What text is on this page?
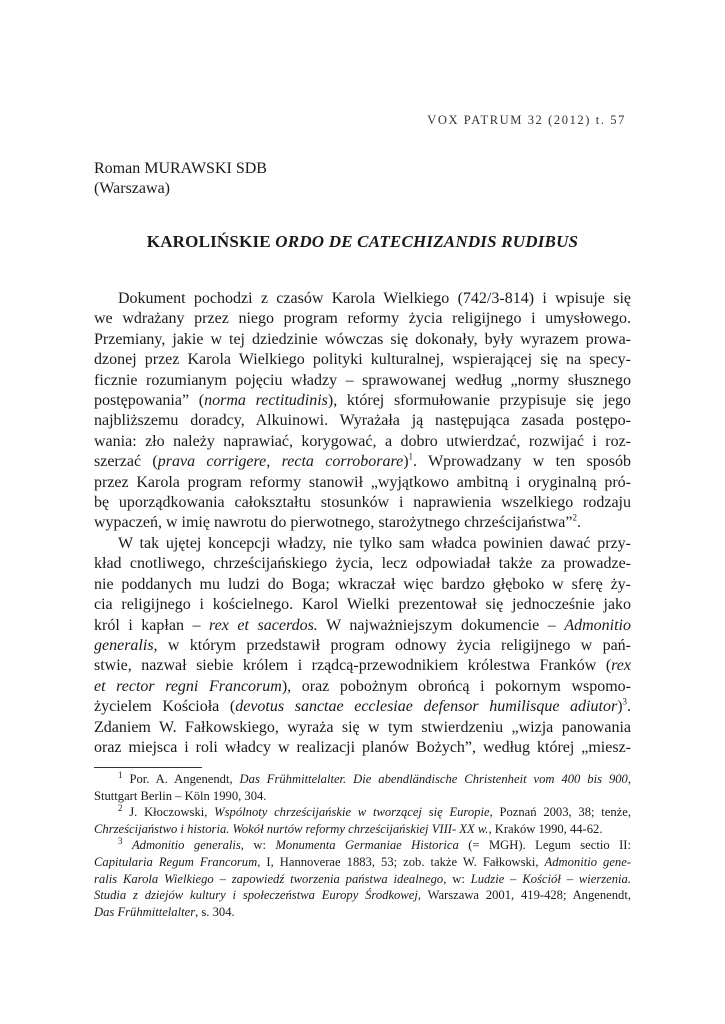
VOX PATRUM 32 (2012) t. 57
Roman MURAWSKI SDB
(Warszawa)
KAROLIŃSKIE ORDO DE CATECHIZANDIS RUDIBUS
Dokument pochodzi z czasów Karola Wielkiego (742/3-814) i wpisuje się
we wdrażany przez niego program reformy życia religijnego i umysłowego.
Przemiany, jakie w tej dziedzinie wówczas się dokonały, były wyrazem prowa-
dzonej przez Karola Wielkiego polityki kulturalnej, wspierającej się na specy-
ficznie rozumianym pojęciu władzy – sprawowanej według „normy słusznego
postępowania” (norma rectitudinis), której sformułowanie przypisuje się jego
najbliższemu doradcy, Alkuinowi. Wyrażała ją następująca zasada postępo-
wania: zło należy naprawiać, korygować, a dobro utwierdzać, rozwijać i roz-
szerzać (prava corrigere, recta corroborare)$^1$. Wprowadzany w ten sposób
przez Karola program reformy stanowił „wyjątkowo ambitną i oryginalną pró-
bę uporządkowania całokształtu stosunków i naprawienia wszelkiego rodzaju
wypaczeń, w imię nawrotu do pierwotnego, starożytnego chrześcijaństwa”$^2$.
W tak ujętej koncepcji władzy, nie tylko sam władca powinien dawać przy-
kład cnotliwego, chrześcijańskiego życia, lecz odpowiadał także za prowadze-
nie poddanych mu ludzi do Boga; wkraczał więc bardzo głęboko w sferę ży-
cia religijnego i kościelnego. Karol Wielki prezentował się jednocześnie jako
król i kapłan – rex et sacerdos. W najważniejszym dokumencie – Admonitio
generalis, w którym przedstawił program odnowy życia religijnego w pań-
stwie, nazwał siebie królem i rządcą-przewodnikiem królestwa Franków (rex
et rector regni Francorum), oraz pobożnym obrońcą i pokornym wspomo-
życielem Kościoła (devotus sanctae ecclesiae defensor humilisque adiutor)$^3$.
Zdaniem W. Fałkowskiego, wyraża się w tym stwierdzeniu „wizja panowania
oraz miejsca i roli władcy w realizacji planów Bożych”, według której „miesz-
$^1$ Por. A. Angenendt, Das Frühmittelalter. Die abendländische Christenheit vom 400 bis 900,
Stuttgart Berlin – Köln 1990, 304.
$^2$ J. Kłoczowski, Wspólnoty chrześcijańskie w tworzącej się Europie, Poznań 2003, 38; tenże,
Chrześcijaństwo i historia. Wokół nurtów reformy chrześcijańskiej VIII- XX w., Kraków 1990, 44-62.
$^3$ Admonitio generalis, w: Monumenta Germaniae Historica (= MGH). Legum sectio II:
Capitularia Regum Francorum, I, Hannoverae 1883, 53; zob. także W. Fałkowski, Admonitio gene-
ralis Karola Wielkiego – zapowiedź tworzenia państwa idealnego, w: Ludzie – Kościół – wierzenia.
Studia z dziejów kultury i społeczeństwa Europy Środkowej, Warszawa 2001, 419-428; Angenendt,
Das Frühmittelalter, s. 304.
